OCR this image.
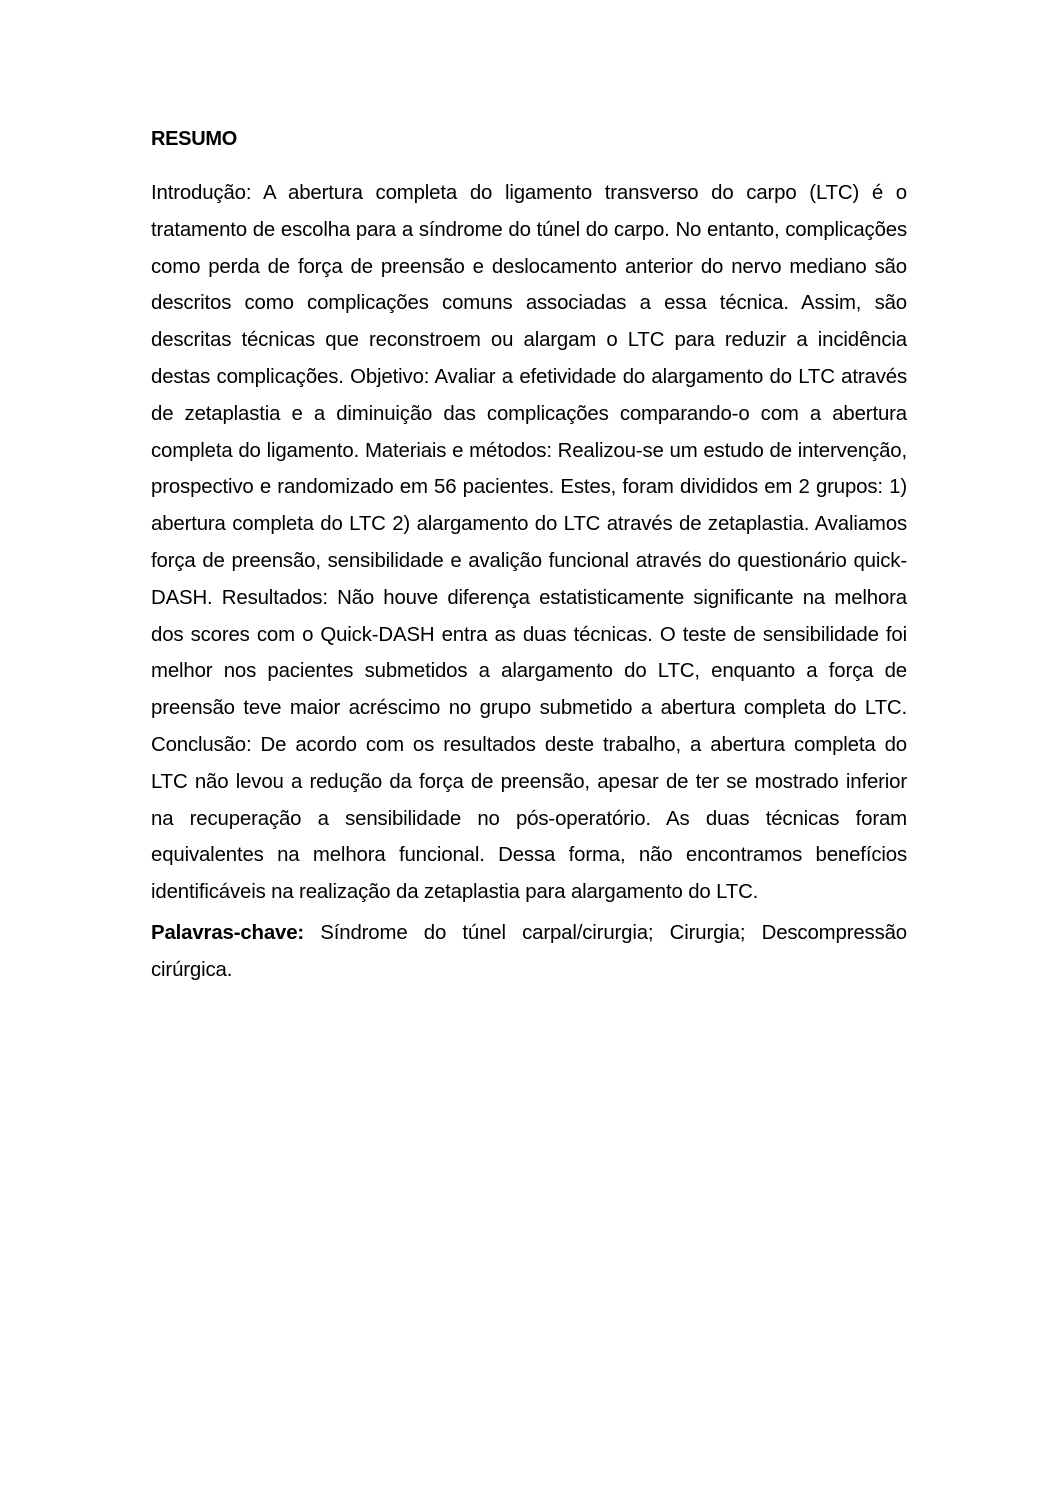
RESUMO

Introdução: A abertura completa do ligamento transverso do carpo (LTC) é o tratamento de escolha para a síndrome do túnel do carpo. No entanto, complicações como perda de força de preensão e deslocamento anterior do nervo mediano são descritos como complicações comuns associadas a essa técnica. Assim, são descritas técnicas que reconstroem ou alargam o LTC para reduzir a incidência destas complicações. Objetivo: Avaliar a efetividade do alargamento do LTC através de zetaplastia e a diminuição das complicações comparando-o com a abertura completa do ligamento. Materiais e métodos: Realizou-se um estudo de intervenção, prospectivo e randomizado em 56 pacientes. Estes, foram divididos em 2 grupos: 1) abertura completa do LTC 2) alargamento do LTC através de zetaplastia. Avaliamos força de preensão, sensibilidade e avalição funcional através do questionário quick-DASH. Resultados: Não houve diferença estatisticamente significante na melhora dos scores com o Quick-DASH entra as duas técnicas. O teste de sensibilidade foi melhor nos pacientes submetidos a alargamento do LTC, enquanto a força de preensão teve maior acréscimo no grupo submetido a abertura completa do LTC. Conclusão: De acordo com os resultados deste trabalho, a abertura completa do LTC não levou a redução da força de preensão, apesar de ter se mostrado inferior na recuperação a sensibilidade no pós-operatório. As duas técnicas foram equivalentes na melhora funcional. Dessa forma, não encontramos benefícios identificáveis na realização da zetaplastia para alargamento do LTC.

Palavras-chave: Síndrome do túnel carpal/cirurgia; Cirurgia; Descompressão cirúrgica.
